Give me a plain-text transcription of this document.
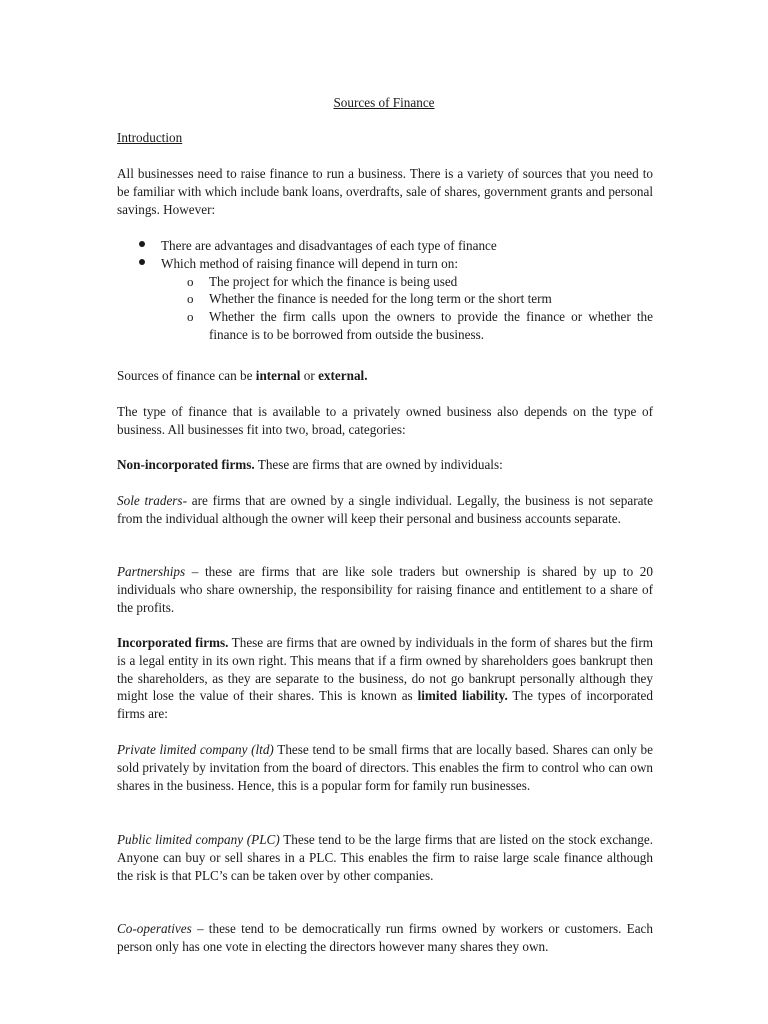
Sources of Finance

Introduction

All businesses need to raise finance to run a business. There is a variety of sources that you need to be familiar with which include bank loans, overdrafts, sale of shares, government grants and personal savings. However:

There are advantages and disadvantages of each type of finance
Which method of raising finance will depend in turn on:
o The project for which the finance is being used
o Whether the finance is needed for the long term or the short term
o Whether the firm calls upon the owners to provide the finance or whether the finance is to be borrowed from outside the business.

Sources of finance can be internal or external.

The type of finance that is available to a privately owned business also depends on the type of business. All businesses fit into two, broad, categories:

Non-incorporated firms. These are firms that are owned by individuals:

Sole traders- are firms that are owned by a single individual. Legally, the business is not separate from the individual although the owner will keep their personal and business accounts separate.

Partnerships – these are firms that are like sole traders but ownership is shared by up to 20 individuals who share ownership, the responsibility for raising finance and entitlement to a share of the profits.

Incorporated firms. These are firms that are owned by individuals in the form of shares but the firm is a legal entity in its own right. This means that if a firm owned by shareholders goes bankrupt then the shareholders, as they are separate to the business, do not go bankrupt personally although they might lose the value of their shares. This is known as limited liability. The types of incorporated firms are:

Private limited company (ltd) These tend to be small firms that are locally based. Shares can only be sold privately by invitation from the board of directors. This enables the firm to control who can own shares in the business. Hence, this is a popular form for family run businesses.

Public limited company (PLC) These tend to be the large firms that are listed on the stock exchange. Anyone can buy or sell shares in a PLC. This enables the firm to raise large scale finance although the risk is that PLC’s can be taken over by other companies.

Co-operatives – these tend to be democratically run firms owned by workers or customers. Each person only has one vote in electing the directors however many shares they own.
